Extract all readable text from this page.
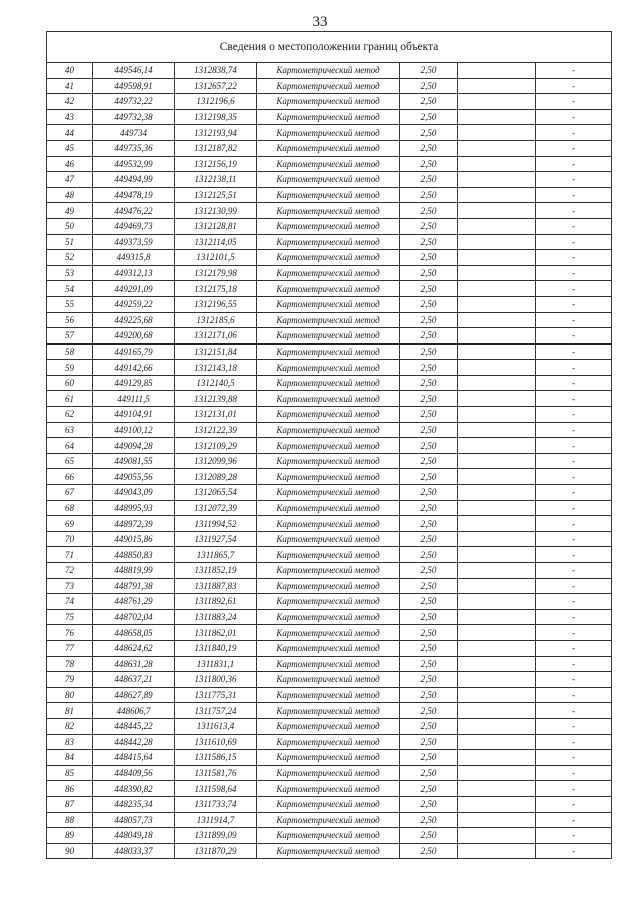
33
Сведения о местоположении границ объекта						
40	449546,14	1312838,74	Картометрический метод	2,50		-
41	449598,91	1312657,22	Картометрический метод	2,50		-
42	449732,22	1312196,6	Картометрический метод	2,50		-
43	449732,38	1312198,35	Картометрический метод	2,50		-
44	449734	1312193,94	Картометрический метод	2,50		-
45	449735,36	1312187,82	Картометрический метод	2,50		-
46	449532,99	1312156,19	Картометрический метод	2,50		-
47	449494,99	1312138,11	Картометрический метод	2,50		-
48	449478,19	1312125,51	Картометрический метод	2,50		-
49	449476,22	1312130,99	Картометрический метод	2,50		-
50	449469,73	1312128,81	Картометрический метод	2,50		-
51	449373,59	1312114,05	Картометрический метод	2,50		-
52	449315,8	1312101,5	Картометрический метод	2,50		-
53	449312,13	1312179,98	Картометрический метод	2,50		-
54	449291,09	1312175,18	Картометрический метод	2,50		-
55	449259,22	1312196,55	Картометрический метод	2,50		-
56	449225,68	1312185,6	Картометрический метод	2,50		-
57	449200,68	1312171,06	Картометрический метод	2,50		-
58	449165,79	1312151,84	Картометрический метод	2,50		-
59	449142,66	1312143,18	Картометрический метод	2,50		-
60	449129,85	1312140,5	Картометрический метод	2,50		-
61	449111,5	1312139,88	Картометрический метод	2,50		-
62	449104,91	1312131,01	Картометрический метод	2,50		-
63	449100,12	1312122,39	Картометрический метод	2,50		-
64	449094,28	1312109,29	Картометрический метод	2,50		-
65	449081,55	1312099,96	Картометрический метод	2,50		-
66	449055,56	1312089,28	Картометрический метод	2,50		-
67	449043,09	1312065,54	Картометрический метод	2,50		-
68	448995,93	1312072,39	Картометрический метод	2,50		-
69	448972,39	1311994,52	Картометрический метод	2,50		-
70	449015,86	1311927,54	Картометрический метод	2,50		-
71	448850,83	1311865,7	Картометрический метод	2,50		-
72	448819,99	1311852,19	Картометрический метод	2,50		-
73	448791,38	1311887,83	Картометрический метод	2,50		-
74	448761,29	1311892,61	Картометрический метод	2,50		-
75	448702,04	1311883,24	Картометрический метод	2,50		-
76	448658,05	1311862,01	Картометрический метод	2,50		-
77	448624,62	1311840,19	Картометрический метод	2,50		-
78	448631,28	1311831,1	Картометрический метод	2,50		-
79	448637,21	1311800,36	Картометрический метод	2,50		-
80	448627,89	1311775,31	Картометрический метод	2,50		-
81	448606,7	1311757,24	Картометрический метод	2,50		-
82	448445,22	1311613,4	Картометрический метод	2,50		-
83	448442,28	1311610,69	Картометрический метод	2,50		-
84	448415,64	1311586,15	Картометрический метод	2,50		-
85	448409,56	1311581,76	Картометрический метод	2,50		-
86	448390,82	1311598,64	Картометрический метод	2,50		-
87	448235,34	1311733,74	Картометрический метод	2,50		-
88	448057,73	1311914,7	Картометрический метод	2,50		-
89	448049,18	1311899,09	Картометрический метод	2,50		-
90	448033,37	1311870,29	Картометрический метод	2,50		-
